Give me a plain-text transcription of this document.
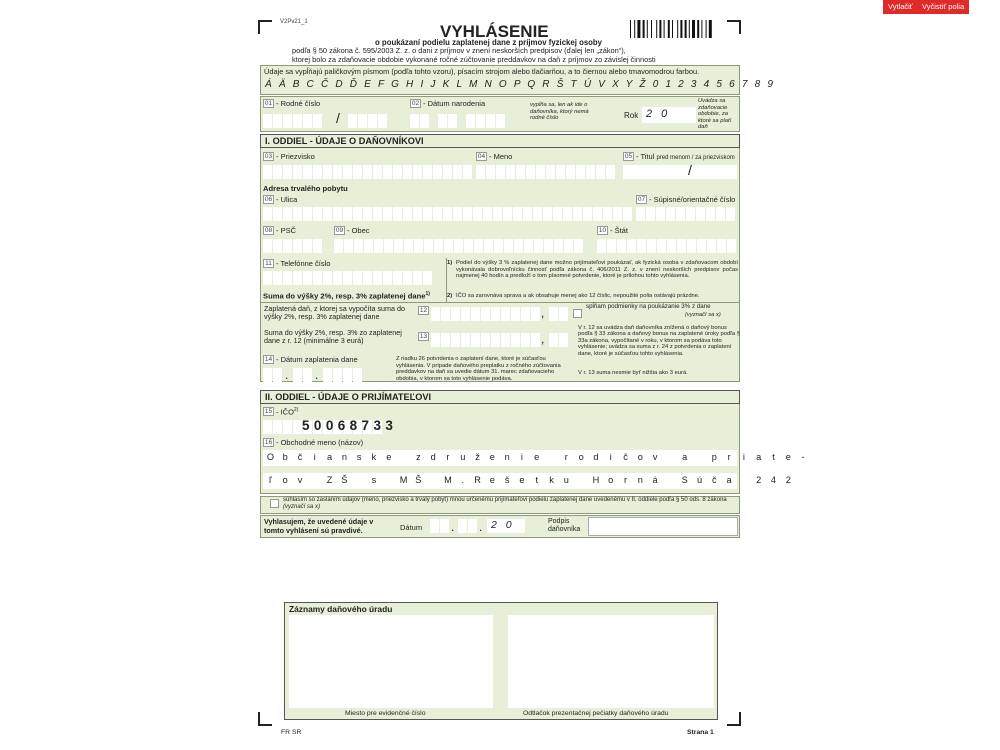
Vytlačiť	Vyčistiť polia
V2Pv21_1	VYHLÁSENIE
o poukázaní podielu zaplatenej dane z príjmov fyzickej osoby
podľa § 50 zákona č. 595/2003 Z. z. o dani z príjmov v znení neskorších predpisov (ďalej len „zákon“),
ktorej bolo za zdaňovacie obdobie vykonané ročné zúčtovanie preddavkov na daň z príjmov zo závislej činnosti
Údaje sa vypĺňajú paličkovým písmom (podľa tohto vzoru), písacím strojom alebo tlačiarňou, a to čiernou alebo tmavomodrou farbou.
Á Ä B C Č D Ď E F G H I J K L M N O P Q R Š T Ú V X Y Ž 0 1 2 3 4 5 6 7 8 9
01 - Rodné číslo
/
02 - Dátum narodenia	vypĺňa sa, len ak ide o daňovníka, ktorý nemá rodné číslo	Rok 2 0
Uvádza sa zdaňovacie obdobie, za ktoré sa platí daň
I. ODDIEL - ÚDAJE O DAŇOVNÍKOVI
03 - Priezvisko	04 - Meno	05 - Titul pred menom / za priezviskom
/
Adresa trvalého pobytu
06 - Ulica	07 - Súpisné/orientačné číslo
08 - PSČ	09 - Obec	10 - Štát
11 - Telefónne číslo	1) Podiel do výšky 3 % zaplatenej dane možno prijímateľovi poukázať, ak fyzická osoba v zdaňovacom období vykonávala dobrovoľnícku činnosť podľa zákona č. 406/2011 Z. z. v znení neskorších predpisov počas najmenej 40 hodín a predloží o tom písomné potvrdenie, ktoré je prílohou tohto vyhlásenia.
2) IČO sa zarovnáva sprava a ak obsahuje menej ako 12 číslic, nepoužité polia ostávajú prázdne.
Suma do výšky 2%, resp. 3% zaplatenej dane$^{1)}$
Zaplatená daň, z ktorej sa vypočíta suma do výšky 2%, resp. 3% zaplatenej dane
12	,	spĺňam podmienky na poukázanie 3% z dane
(vyznačí sa x)
Suma do výšky 2%, resp. 3% zo zaplatenej dane z r. 12 (minimálne 3 eurá)	13	,
V r. 12 sa uvádza daň daňovníka znížená o daňový bonus podľa § 33 zákona a daňový bonus na zaplatené úroky podľa § 33a zákona, vypočítané v roku, v ktorom sa podáva toto vyhlásenie; uvádza sa suma z r. 24 z potvrdenia o zaplatení dane, ktoré je súčasťou tohto vyhlásenia.
V r. 13 suma nesmie byť nižšia ako 3 eurá.
14 - Dátum zaplatenia dane
. .
Z riadku 26 potvrdenia o zaplatení dane, ktoré je súčasťou vyhlásenia. V prípade daňového preplatku z ročného zúčtovania preddavkov na daň sa uvedie dátum 31. marec zdaňovacieho obdobia, v ktorom sa toto vyhlásenie podáva.
II. ODDIEL - ÚDAJE O PRIJÍMATEĽOVI
15 - IČO$^{2)}$
50068733
16 - Obchodné meno (názov)
O b	č	i	a	n	s	k	e	z	d	r	u	ž	e	n	i	e	r	o	d	i	č	o	v	a	p	r	i	a	t	e	-
ľ	o	v	Z Š	s	M Š	M	.	R e	š	e	t	k	u	H o	r	n	á	S ú	č	a	2	4	2
súhlasím so zaslaním údajov (meno, priezvisko a trvalý pobyt) mnou určenému prijímateľovi podielu zaplatenej dane uvedenému v II. oddiele podľa § 50 ods. 8 zákona (vyznačí sa x)
Vyhlasujem, že uvedené údaje v tomto vyhlásení sú pravdivé.	Dátum . . 2 0	Podpis daňovníka
Záznamy daňového úradu
Miesto pre evidenčné číslo	Odtlačok prezentačnej pečiatky daňového úradu
FR SR	Strana 1
